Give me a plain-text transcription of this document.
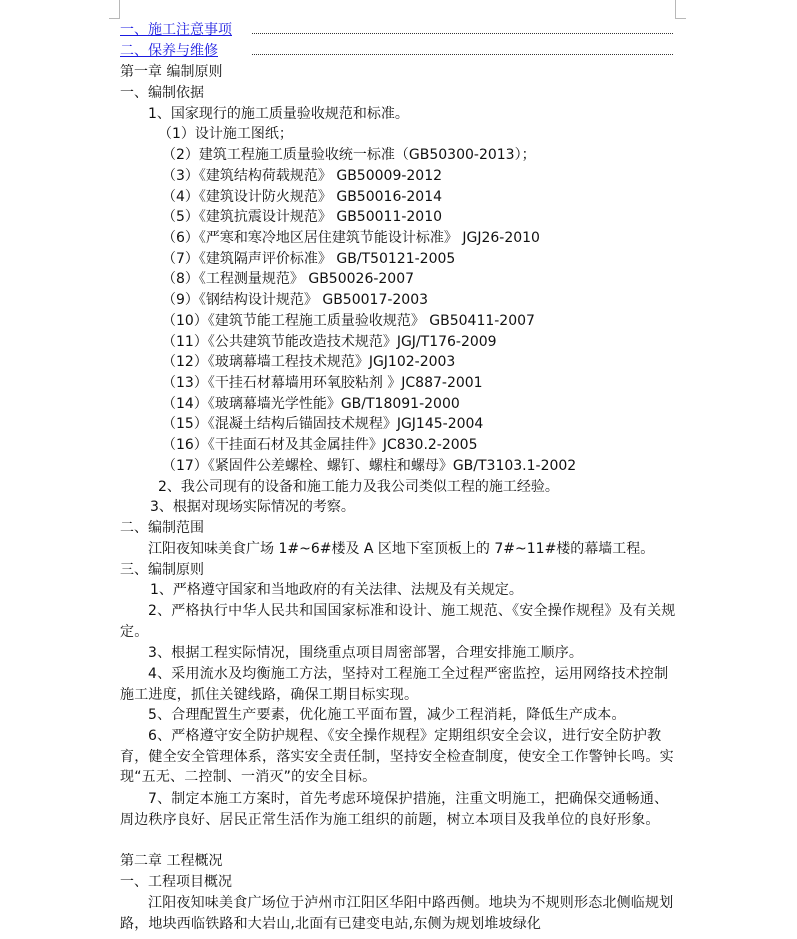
一、施工注意事项
二、保养与维修
第一章 编制原则
一、编制依据
1、国家现行的施工质量验收规范和标准。
（1）设计施工图纸；
（2）建筑工程施工质量验收统一标准（GB50300-2013）；
（3）《建筑结构荷载规范》 GB50009-2012
（4）《建筑设计防火规范》 GB50016-2014
（5）《建筑抗震设计规范》 GB50011-2010
（6）《严寒和寒冷地区居住建筑节能设计标准》 JGJ26-2010
（7）《建筑隔声评价标准》 GB/T50121-2005
（8）《工程测量规范》 GB50026-2007
（9）《钢结构设计规范》 GB50017-2003
（10）《建筑节能工程施工质量验收规范》 GB50411-2007
（11）《公共建筑节能改造技术规范》JGJ/T176-2009
（12）《玻璃幕墙工程技术规范》JGJ102-2003
（13）《干挂石材幕墙用环氧胶粘剂 》JC887-2001
（14）《玻璃幕墙光学性能》GB/T18091-2000
（15）《混凝土结构后锚固技术规程》JGJ145-2004
（16）《干挂面石材及其金属挂件》JC830.2-2005
（17）《紧固件公差螺栓、螺钉、螺柱和螺母》GB/T3103.1-2002
2、我公司现有的设备和施工能力及我公司类似工程的施工经验。
3、根据对现场实际情况的考察。
二、编制范围
江阳夜知味美食广场 1#~6#楼及 A 区地下室顶板上的 7#~11#楼的幕墙工程。
三、编制原则
1、严格遵守国家和当地政府的有关法律、法规及有关规定。
2、严格执行中华人民共和国国家标准和设计、施工规范、《安全操作规程》及有关规定。
3、根据工程实际情况，围绕重点项目周密部署，合理安排施工顺序。
4、采用流水及均衡施工方法，坚持对工程施工全过程严密监控，运用网络技术控制施工进度，抓住关键线路，确保工期目标实现。
5、合理配置生产要素，优化施工平面布置，减少工程消耗，降低生产成本。
6、严格遵守安全防护规程、《安全操作规程》定期组织安全会议，进行安全防护教育，健全安全管理体系，落实安全责任制，坚持安全检查制度，使安全工作警钟长鸣。实现“五无、二控制、一消灭”的安全目标。
7、制定本施工方案时，首先考虑环境保护措施，注重文明施工，把确保交通畅通、周边秩序良好、居民正常生活作为施工组织的前题，树立本项目及我单位的良好形象。
第二章 工程概况
一、工程项目概况
江阳夜知味美食广场位于泸州市江阳区华阳中路西侧。地块为不规则形态北侧临规划路，地块西临铁路和大岩山,北面有已建变电站,东侧为规划堆坡绿化
